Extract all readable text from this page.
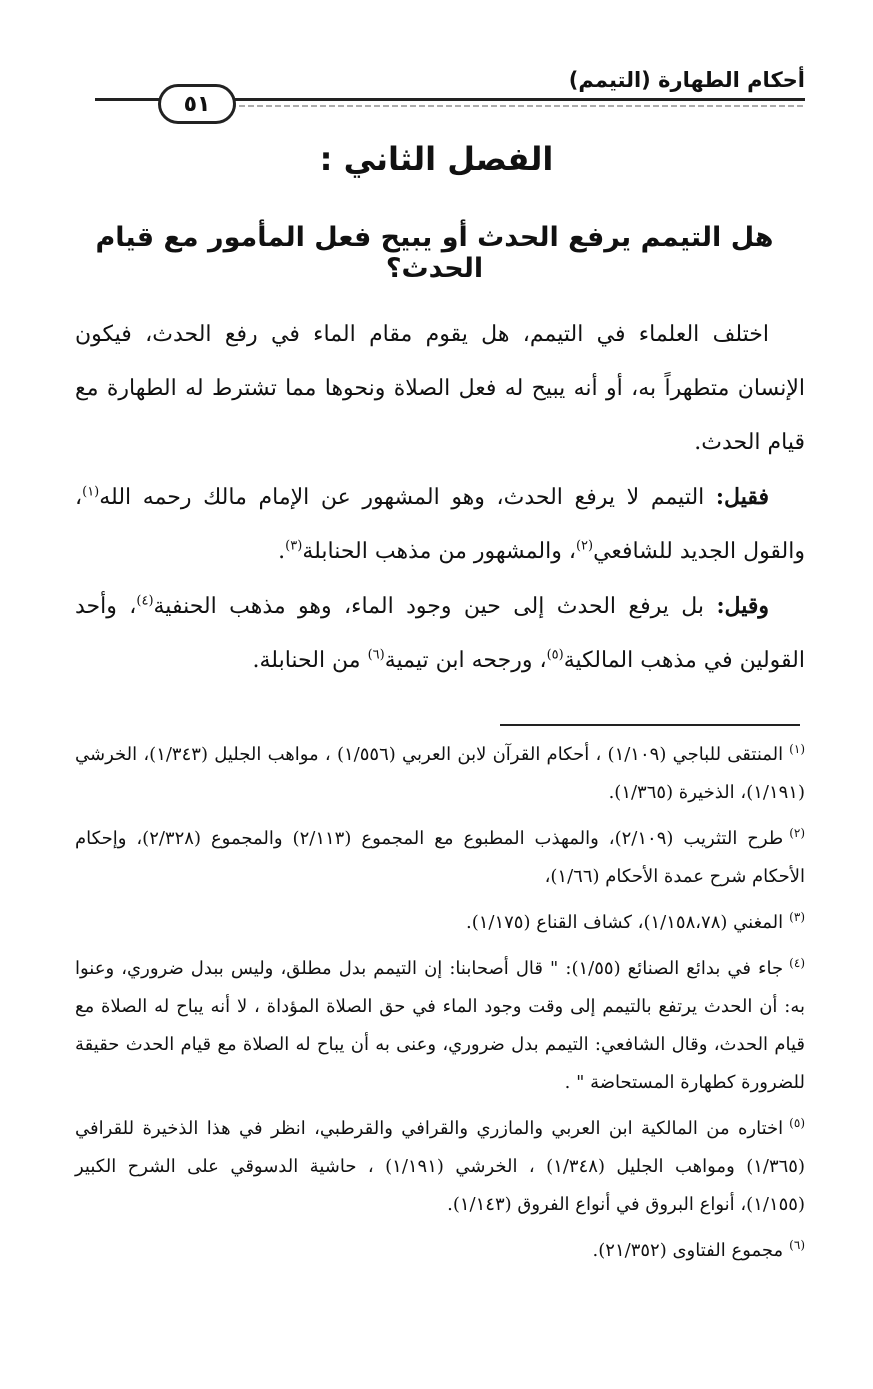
أحكام الطهارة (التيمم)
٥١
الفصل الثاني :
هل التيمم يرفع الحدث أو يبيح فعل المأمور مع قيام الحدث؟

اختلف العلماء في التيمم، هل يقوم مقام الماء في رفع الحدث، فيكون الإنسان متطهراً به، أو أنه يبيح له فعل الصلاة ونحوها مما تشترط له الطهارة مع قيام الحدث.

فقيل: التيمم لا يرفع الحدث، وهو المشهور عن الإمام مالك رحمه الله$^{(١)}$، والقول الجديد للشافعي$^{(٢)}$، والمشهور من مذهب الحنابلة$^{(٣)}$.

وقيل: بل يرفع الحدث إلى حين وجود الماء، وهو مذهب الحنفية$^{(٤)}$، وأحد القولين في مذهب المالكية$^{(٥)}$، ورجحه ابن تيمية$^{(٦)}$ من الحنابلة.

$^{(١)}$المنتقى للباجي (١/١٠٩) ، أحكام القرآن لابن العربي (١/٥٥٦) ، مواهب الجليل (١/٣٤٣)، الخرشي (١/١٩١)، الذخيرة (١/٣٦٥).

$^{(٢)}$طرح التثريب (٢/١٠٩)، والمهذب المطبوع مع المجموع (٢/١١٣) والمجموع (٢/٣٢٨)، وإحكام الأحكام شرح عمدة الأحكام (١/٦٦)،

$^{(٣)}$المغني (١/١٥٨،٧٨)، كشاف القناع (١/١٧٥).

$^{(٤)}$جاء في بدائع الصنائع (١/٥٥): " قال أصحابنا: إن التيمم بدل مطلق، وليس ببدل ضروري، وعنوا به: أن الحدث يرتفع بالتيمم إلى وقت وجود الماء في حق الصلاة المؤداة ، لا أنه يباح له الصلاة مع قيام الحدث، وقال الشافعي: التيمم بدل ضروري، وعنى به أن يباح له الصلاة مع قيام الحدث حقيقة للضرورة كطهارة المستحاضة " .

$^{(٥)}$اختاره من المالكية ابن العربي والمازري والقرافي والقرطبي، انظر في هذا الذخيرة للقرافي (١/٣٦٥) ومواهب الجليل (١/٣٤٨) ، الخرشي (١/١٩١) ، حاشية الدسوقي على الشرح الكبير (١/١٥٥)، أنواع البروق في أنواع الفروق (١/١٤٣).

$^{(٦)}$مجموع الفتاوى (٢١/٣٥٢).
